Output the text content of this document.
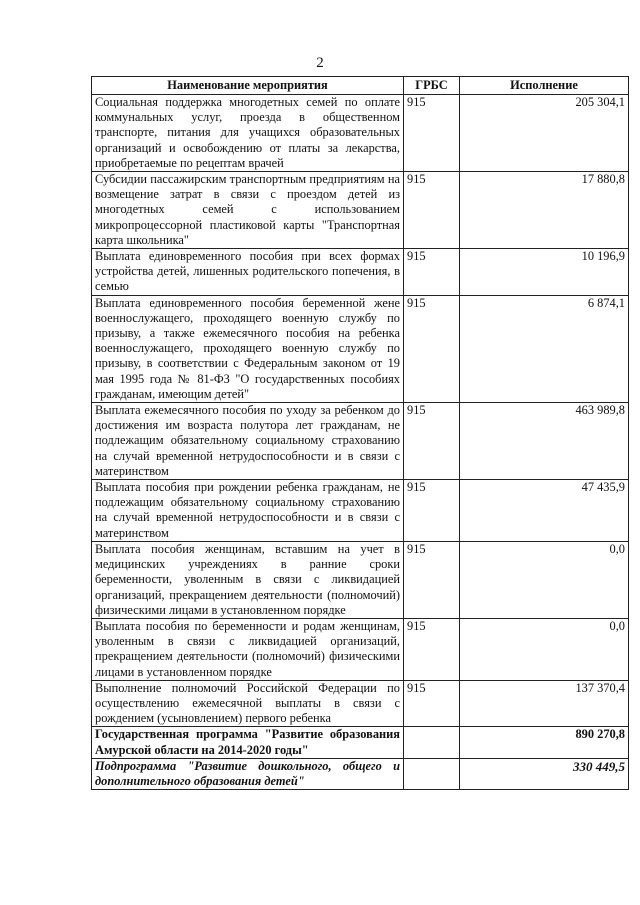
2
Наименование мероприятия	ГРБС	Исполнение
Социальная поддержка многодетных семей по оплате коммунальных услуг, проезда в общественном транспорте, питания для учащихся образовательных организаций и освобождению от платы за лекарства, приобретаемые по рецептам врачей	915	205 304,1
Субсидии пассажирским транспортным предприятиям на возмещение затрат в связи с проездом детей из многодетных семей с использованием микропроцессорной пластиковой карты "Транспортная карта школьника"	915	17 880,8
Выплата единовременного пособия при всех формах устройства детей, лишенных родительского попечения, в семью	915	10 196,9
Выплата единовременного пособия беременной жене военнослужащего, проходящего военную службу по призыву, а также ежемесячного пособия на ребенка военнослужащего, проходящего военную службу по призыву, в соответствии с Федеральным законом от 19 мая 1995 года № 81-ФЗ "О государственных пособиях гражданам, имеющим детей"	915	6 874,1
Выплата ежемесячного пособия по уходу за ребенком до достижения им возраста полутора лет гражданам, не подлежащим обязательному социальному страхованию на случай временной нетрудоспособности и в связи с материнством	915	463 989,8
Выплата пособия при рождении ребенка гражданам, не подлежащим обязательному социальному страхованию на случай временной нетрудоспособности и в связи с материнством	915	47 435,9
Выплата пособия женщинам, вставшим на учет в медицинских учреждениях в ранние сроки беременности, уволенным в связи с ликвидацией организаций, прекращением деятельности (полномочий) физическими лицами в установленном порядке	915	0,0
Выплата пособия по беременности и родам женщинам, уволенным в связи с ликвидацией организаций, прекращением деятельности (полномочий) физическими лицами в установленном порядке	915	0,0
Выполнение полномочий Российской Федерации по осуществлению ежемесячной выплаты в связи с рождением (усыновлением) первого ребенка	915	137 370,4
Государственная программа "Развитие образования Амурской области на 2014-2020 годы"		890 270,8
Подпрограмма "Развитие дошкольного, общего и дополнительного образования детей"		330 449,5
